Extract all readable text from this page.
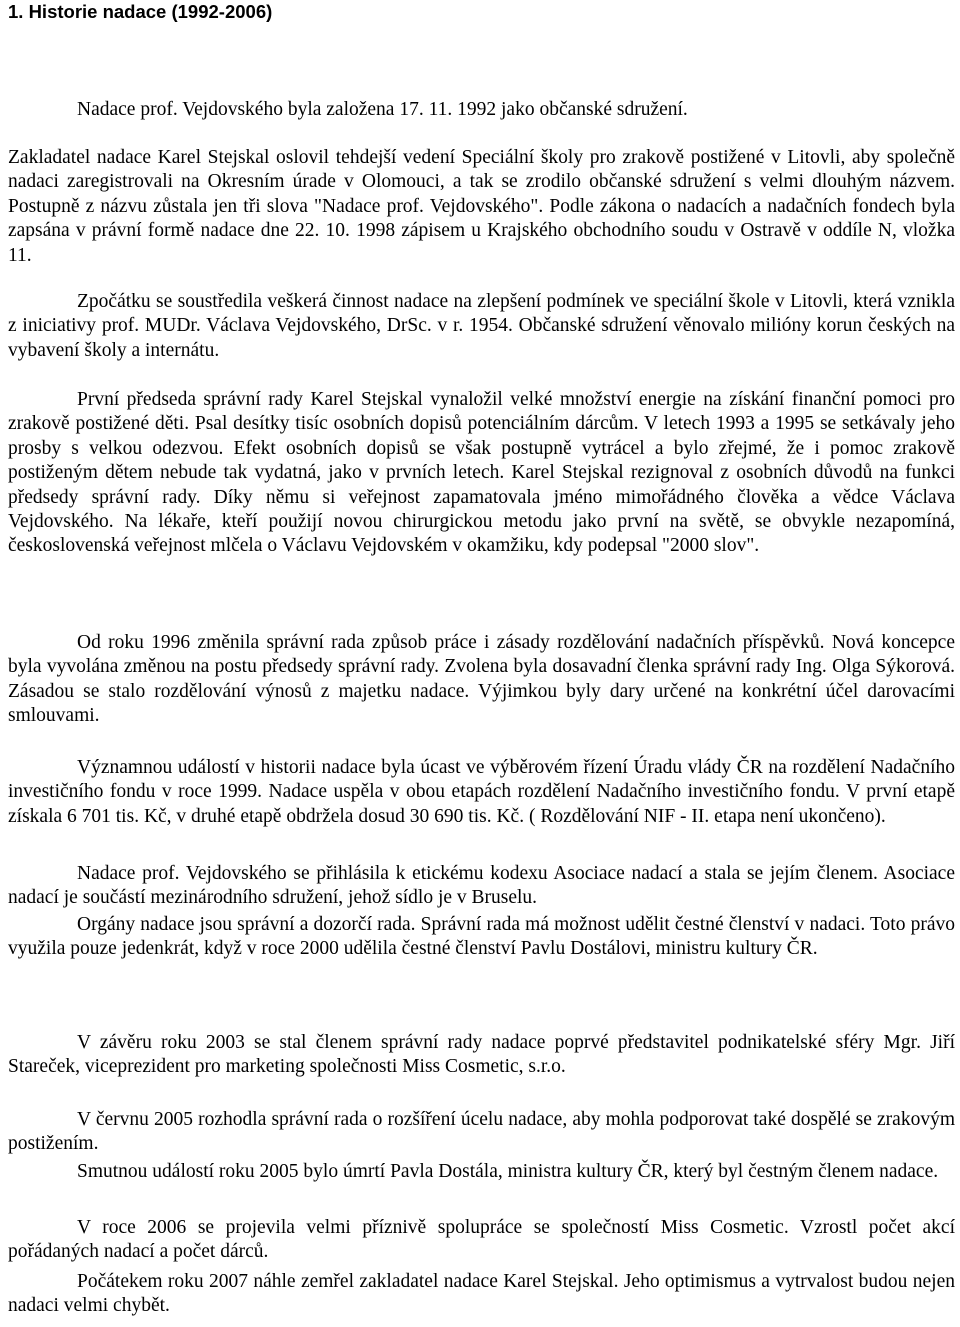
1. Historie nadace (1992-2006)

Nadace prof. Vejdovského byla založena 17. 11. 1992 jako občanské sdružení.

Zakladatel nadace Karel Stejskal oslovil tehdejší vedení Speciální školy pro zrakově postižené v Litovli, aby společně nadaci zaregistrovali na Okresním úrade v Olomouci, a tak se zrodilo občanské sdružení s velmi dlouhým názvem. Postupně z názvu zůstala jen tři slova "Nadace prof. Vejdovského". Podle zákona o nadacích a nadačních fondech byla zapsána v právní formě nadace dne 22. 10. 1998 zápisem u Krajského obchodního soudu v Ostravě v oddíle N, vložka 11.

Zpočátku se soustředila veškerá činnost nadace na zlepšení podmínek ve speciální škole v Litovli, která vznikla z iniciativy prof. MUDr. Václava Vejdovského, DrSc. v r. 1954. Občanské sdružení věnovalo milióny korun českých na vybavení školy a internátu.

První předseda správní rady Karel Stejskal vynaložil velké množství energie na získání finanční pomoci pro zrakově postižené děti. Psal desítky tisíc osobních dopisů potenciálním dárcům. V letech 1993 a 1995 se setkávaly jeho prosby s velkou odezvou. Efekt osobních dopisů se však postupně vytrácel a bylo zřejmé, že i pomoc zrakově postiženým dětem nebude tak vydatná, jako v prvních letech. Karel Stejskal rezignoval z osobních důvodů na funkci předsedy správní rady. Díky němu si veřejnost zapamatovala jméno mimořádného člověka a vědce Václava Vejdovského. Na lékaře, kteří použijí novou chirurgickou metodu jako první na světě, se obvykle nezapomíná, československá veřejnost mlčela o Václavu Vejdovském v okamžiku, kdy podepsal "2000 slov".

Od roku 1996 změnila správní rada způsob práce i zásady rozdělování nadačních příspěvků. Nová koncepce byla vyvolána změnou na postu předsedy správní rady. Zvolena byla dosavadní členka správní rady Ing. Olga Sýkorová. Zásadou se stalo rozdělování výnosů z majetku nadace. Výjimkou byly dary určené na konkrétní účel darovacími smlouvami.

Významnou událostí v historii nadace byla úcast ve výběrovém řízení Úradu vlády ČR na rozdělení Nadačního investičního fondu v roce 1999. Nadace uspěla v obou etapách rozdělení Nadačního investičního fondu. V první etapě získala 6 701 tis. Kč, v druhé etapě obdržela dosud 30 690 tis. Kč. ( Rozdělování NIF - II. etapa není ukončeno).

Nadace prof. Vejdovského se přihlásila k etickému kodexu Asociace nadací a stala se jejím členem. Asociace nadací je součástí mezinárodního sdružení, jehož sídlo je v Bruselu.

Orgány nadace jsou správní a dozorčí rada. Správní rada má možnost udělit čestné členství v nadaci. Toto právo využila pouze jedenkrát, když v roce 2000 udělila čestné členství Pavlu Dostálovi, ministru kultury ČR.

V závěru roku 2003 se stal členem správní rady nadace poprvé představitel podnikatelské sféry Mgr. Jiří Stareček, viceprezident pro marketing společnosti Miss Cosmetic, s.r.o.

V červnu 2005 rozhodla správní rada o rozšíření úcelu nadace, aby mohla podporovat také dospělé se zrakovým postižením.

Smutnou událostí roku 2005 bylo úmrtí Pavla Dostála, ministra kultury ČR, který byl čestným členem nadace.

V roce 2006 se projevila velmi příznivě spolupráce se společností Miss Cosmetic. Vzrostl počet akcí pořádaných nadací a počet dárců.

Počátekem roku 2007 náhle zemřel zakladatel nadace Karel Stejskal. Jeho optimismus a vytrvalost budou nejen nadaci velmi chybět.
